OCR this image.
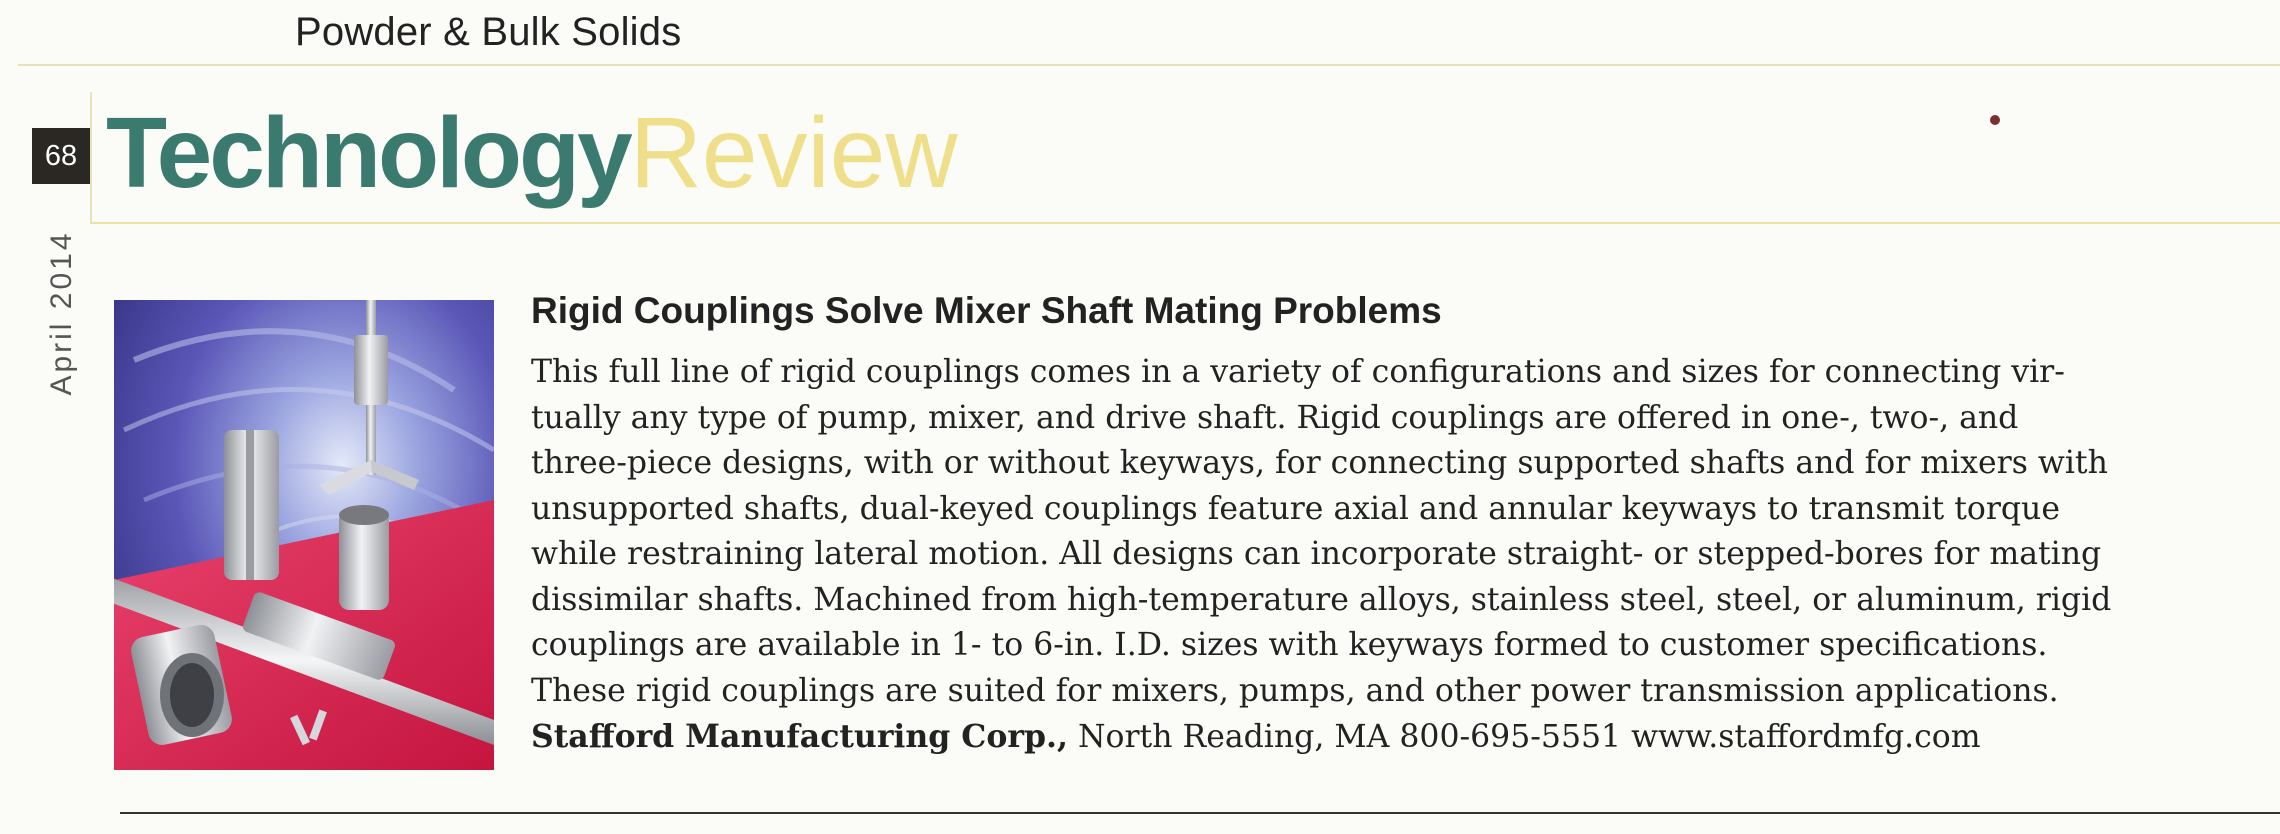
Powder & Bulk Solids
68 TechnologyReview
April 2014	Rigid Couplings Solve Mixer Shaft Mating Problems
This full line of rigid couplings comes in a variety of configurations and sizes for connecting vir-
tually any type of pump, mixer, and drive shaft. Rigid couplings are offered in one-, two-, and
three-piece designs, with or without keyways, for connecting supported shafts and for mixers with
unsupported shafts, dual-keyed couplings feature axial and annular keyways to transmit torque
while restraining lateral motion. All designs can incorporate straight- or stepped-bores for mating
dissimilar shafts. Machined from high-temperature alloys, stainless steel, steel, or aluminum, rigid
couplings are available in 1- to 6-in. I.D. sizes with keyways formed to customer specifications.
These rigid couplings are suited for mixers, pumps, and other power transmission applications.
Stafford Manufacturing Corp., North Reading, MA 800-695-5551 www.staffordmfg.com
